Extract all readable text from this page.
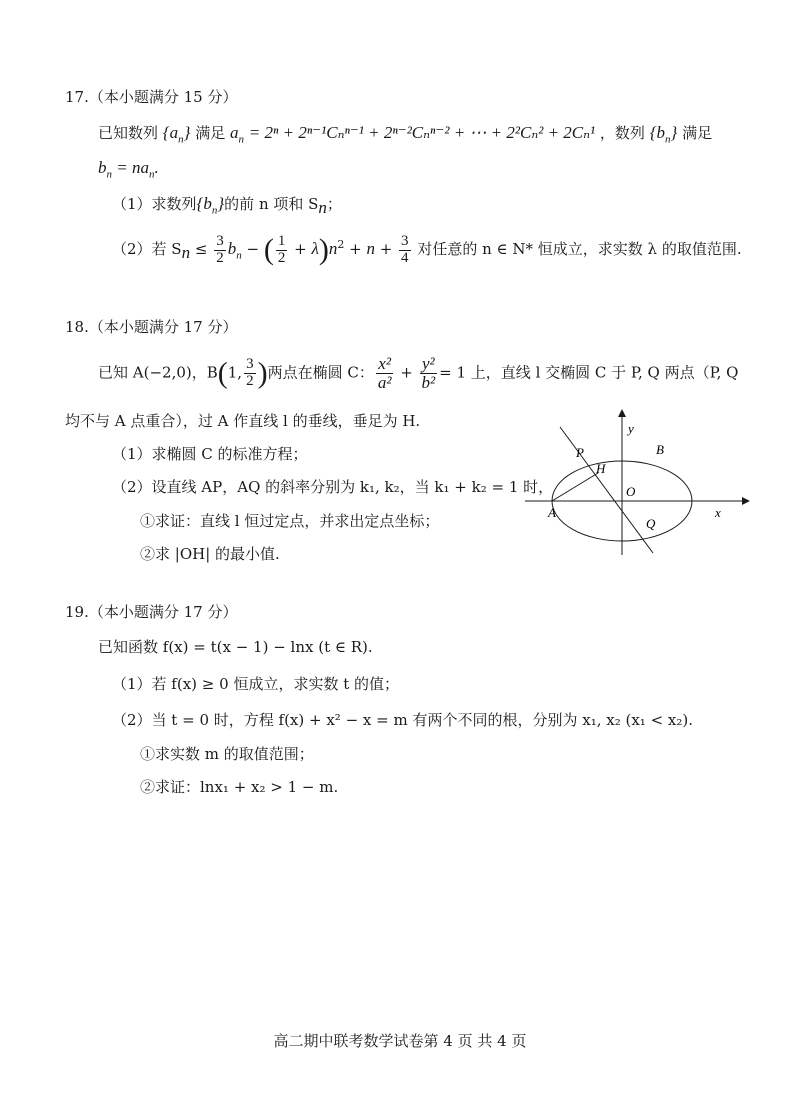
17.（本小题满分 15 分）
已知数列 $\{a_n\}$ 满足 $a_n = 2^n + 2^{n-1}C_n^{n-1} + 2^{n-2}C_n^{n-2}$ + ⋯ + 2²Cₙ² + 2Cₙ¹ ，数列 $\{b_n\}$ 满足
$b_n = na_n$.
（1）求数列$\{b_n\}$的前 n 项和 $S_n$；
（2）若 $S_n \le \frac{3}{2} b_n$ − ( $\frac{1}{2} + \lambda)n^2 + n + \frac{3}{4}$ 对任意的 n ∈ N* 恒成立，求实数 λ 的取值范围.
18.（本小题满分 17 分）
已知 A(−2,0)，B(1, $\frac{3}{2}$ )两点在椭圆 C： $\frac{\text{x²}}{\text{a²}} + \frac{\text{y²}}{\text{b²}} = 1$ 上，直线 l 交椭圆 C 于 P, Q 两点（P, Q
均不与 A 点重合），过 A 作直线 l 的垂线，垂足为 H.
（1）求椭圆 C 的标准方程；
（2）设直线 AP，AQ 的斜率分别为 k₁, k₂，当 k₁ + k₂ = 1 时，
①求证：直线 l 恒过定点，并求出定点坐标；
②求 |OH| 的最小值.
A
P
H
O
B
Q
y
x
19.（本小题满分 17 分）
已知函数 f(x) = t(x − 1) − lnx (t ∈ R).
（1）若 f(x) ≥ 0 恒成立，求实数 t 的值；
（2）当 t = 0 时，方程 f(x) + x² − x = m 有两个不同的根，分别为 x₁, x₂ (x₁ < x₂).
①求实数 m 的取值范围；
②求证：lnx₁ + x₂ > 1 − m.
高二期中联考数学试卷第 4 页 共 4 页
